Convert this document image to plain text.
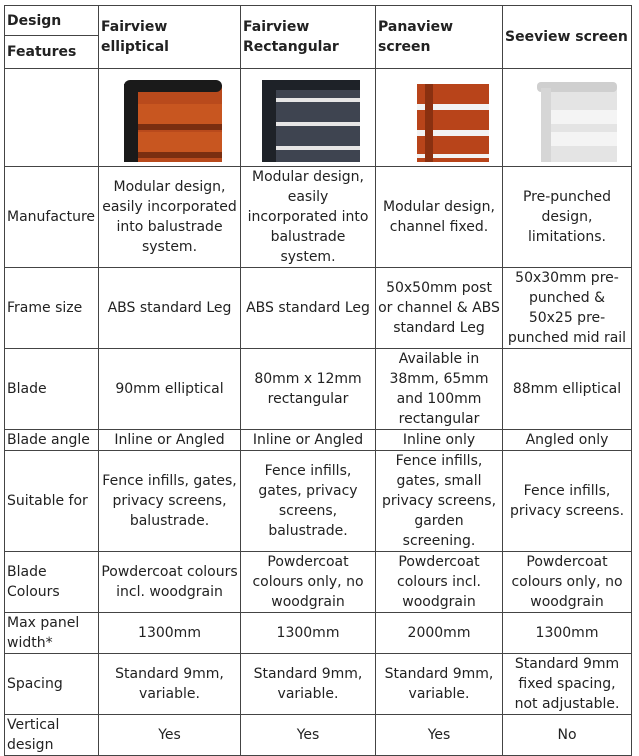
Design	Fairview elliptical	Fairview Rectangular	Panaview screen	Seeview screen
Features				

Manufacture	Modular design, easily incorporated into balustrade system.	Modular design, easily incorporated into balustrade system.	Modular design, channel fixed.	Pre-punched design, limitations.
Frame size	ABS standard Leg	ABS standard Leg	50x50mm post or channel & ABS standard Leg	50x30mm pre-punched & 50x25 pre-punched mid rail
Blade	90mm elliptical	80mm x 12mm rectangular	Available in 38mm, 65mm and 100mm rectangular	88mm elliptical
Blade angle	Inline or Angled	Inline or Angled	Inline only	Angled only
Suitable for	Fence infills, gates, privacy screens, balustrade.	Fence infills, gates, privacy screens, balustrade.	Fence infills, gates, small privacy screens, garden screening.	Fence infills, privacy screens.
Blade Colours	Powdercoat colours incl. woodgrain	Powdercoat colours only, no woodgrain	Powdercoat colours incl. woodgrain	Powdercoat colours only, no woodgrain
Max panel width*	1300mm	1300mm	2000mm	1300mm
Spacing	Standard 9mm, variable.	Standard 9mm, variable.	Standard 9mm, variable.	Standard 9mm fixed spacing, not adjustable.
Vertical design	Yes	Yes	Yes	No
